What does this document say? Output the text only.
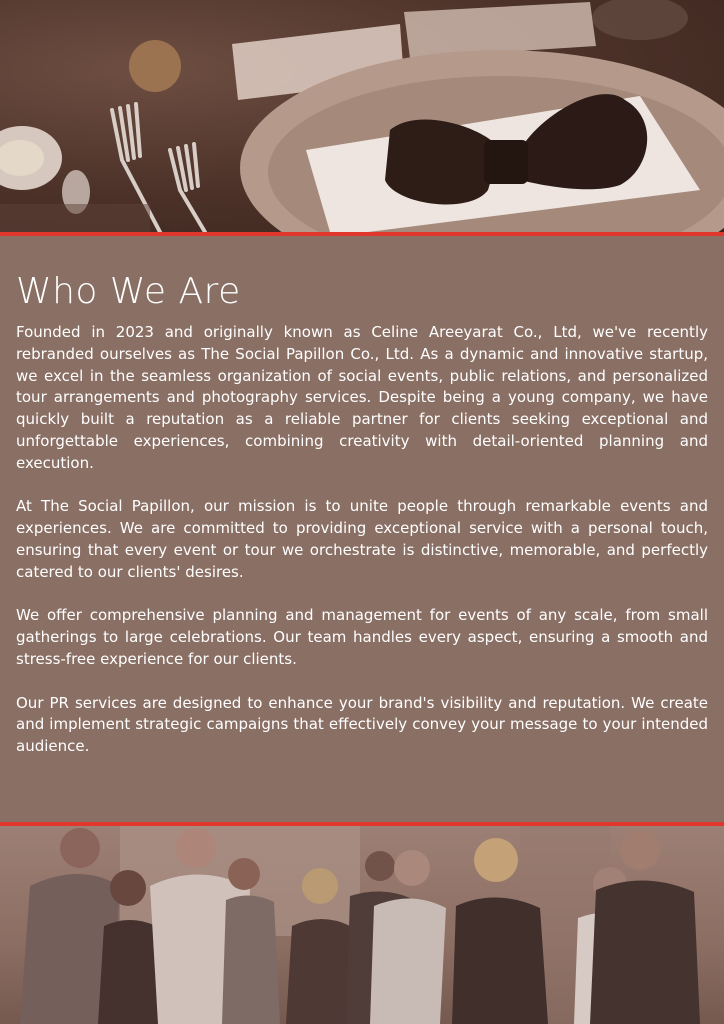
Who We Are

Founded in 2023 and originally known as Celine Areeyarat Co., Ltd, we've recently rebranded ourselves as The Social Papillon Co., Ltd. As a dynamic and innovative startup, we excel in the seamless organization of social events, public relations, and personalized tour arrangements and photography services. Despite being a young company, we have quickly built a reputation as a reliable partner for clients seeking exceptional and unforgettable experiences, combining creativity with detail-oriented planning and execution.

At The Social Papillon, our mission is to unite people through remarkable events and experiences. We are committed to providing exceptional service with a personal touch, ensuring that every event or tour we orchestrate is distinctive, memorable, and perfectly catered to our clients' desires.

We offer comprehensive planning and management for events of any scale, from small gatherings to large celebrations. Our team handles every aspect, ensuring a smooth and stress-free experience for our clients.

Our PR services are designed to enhance your brand's visibility and reputation. We create and implement strategic campaigns that effectively convey your message to your intended audience.
